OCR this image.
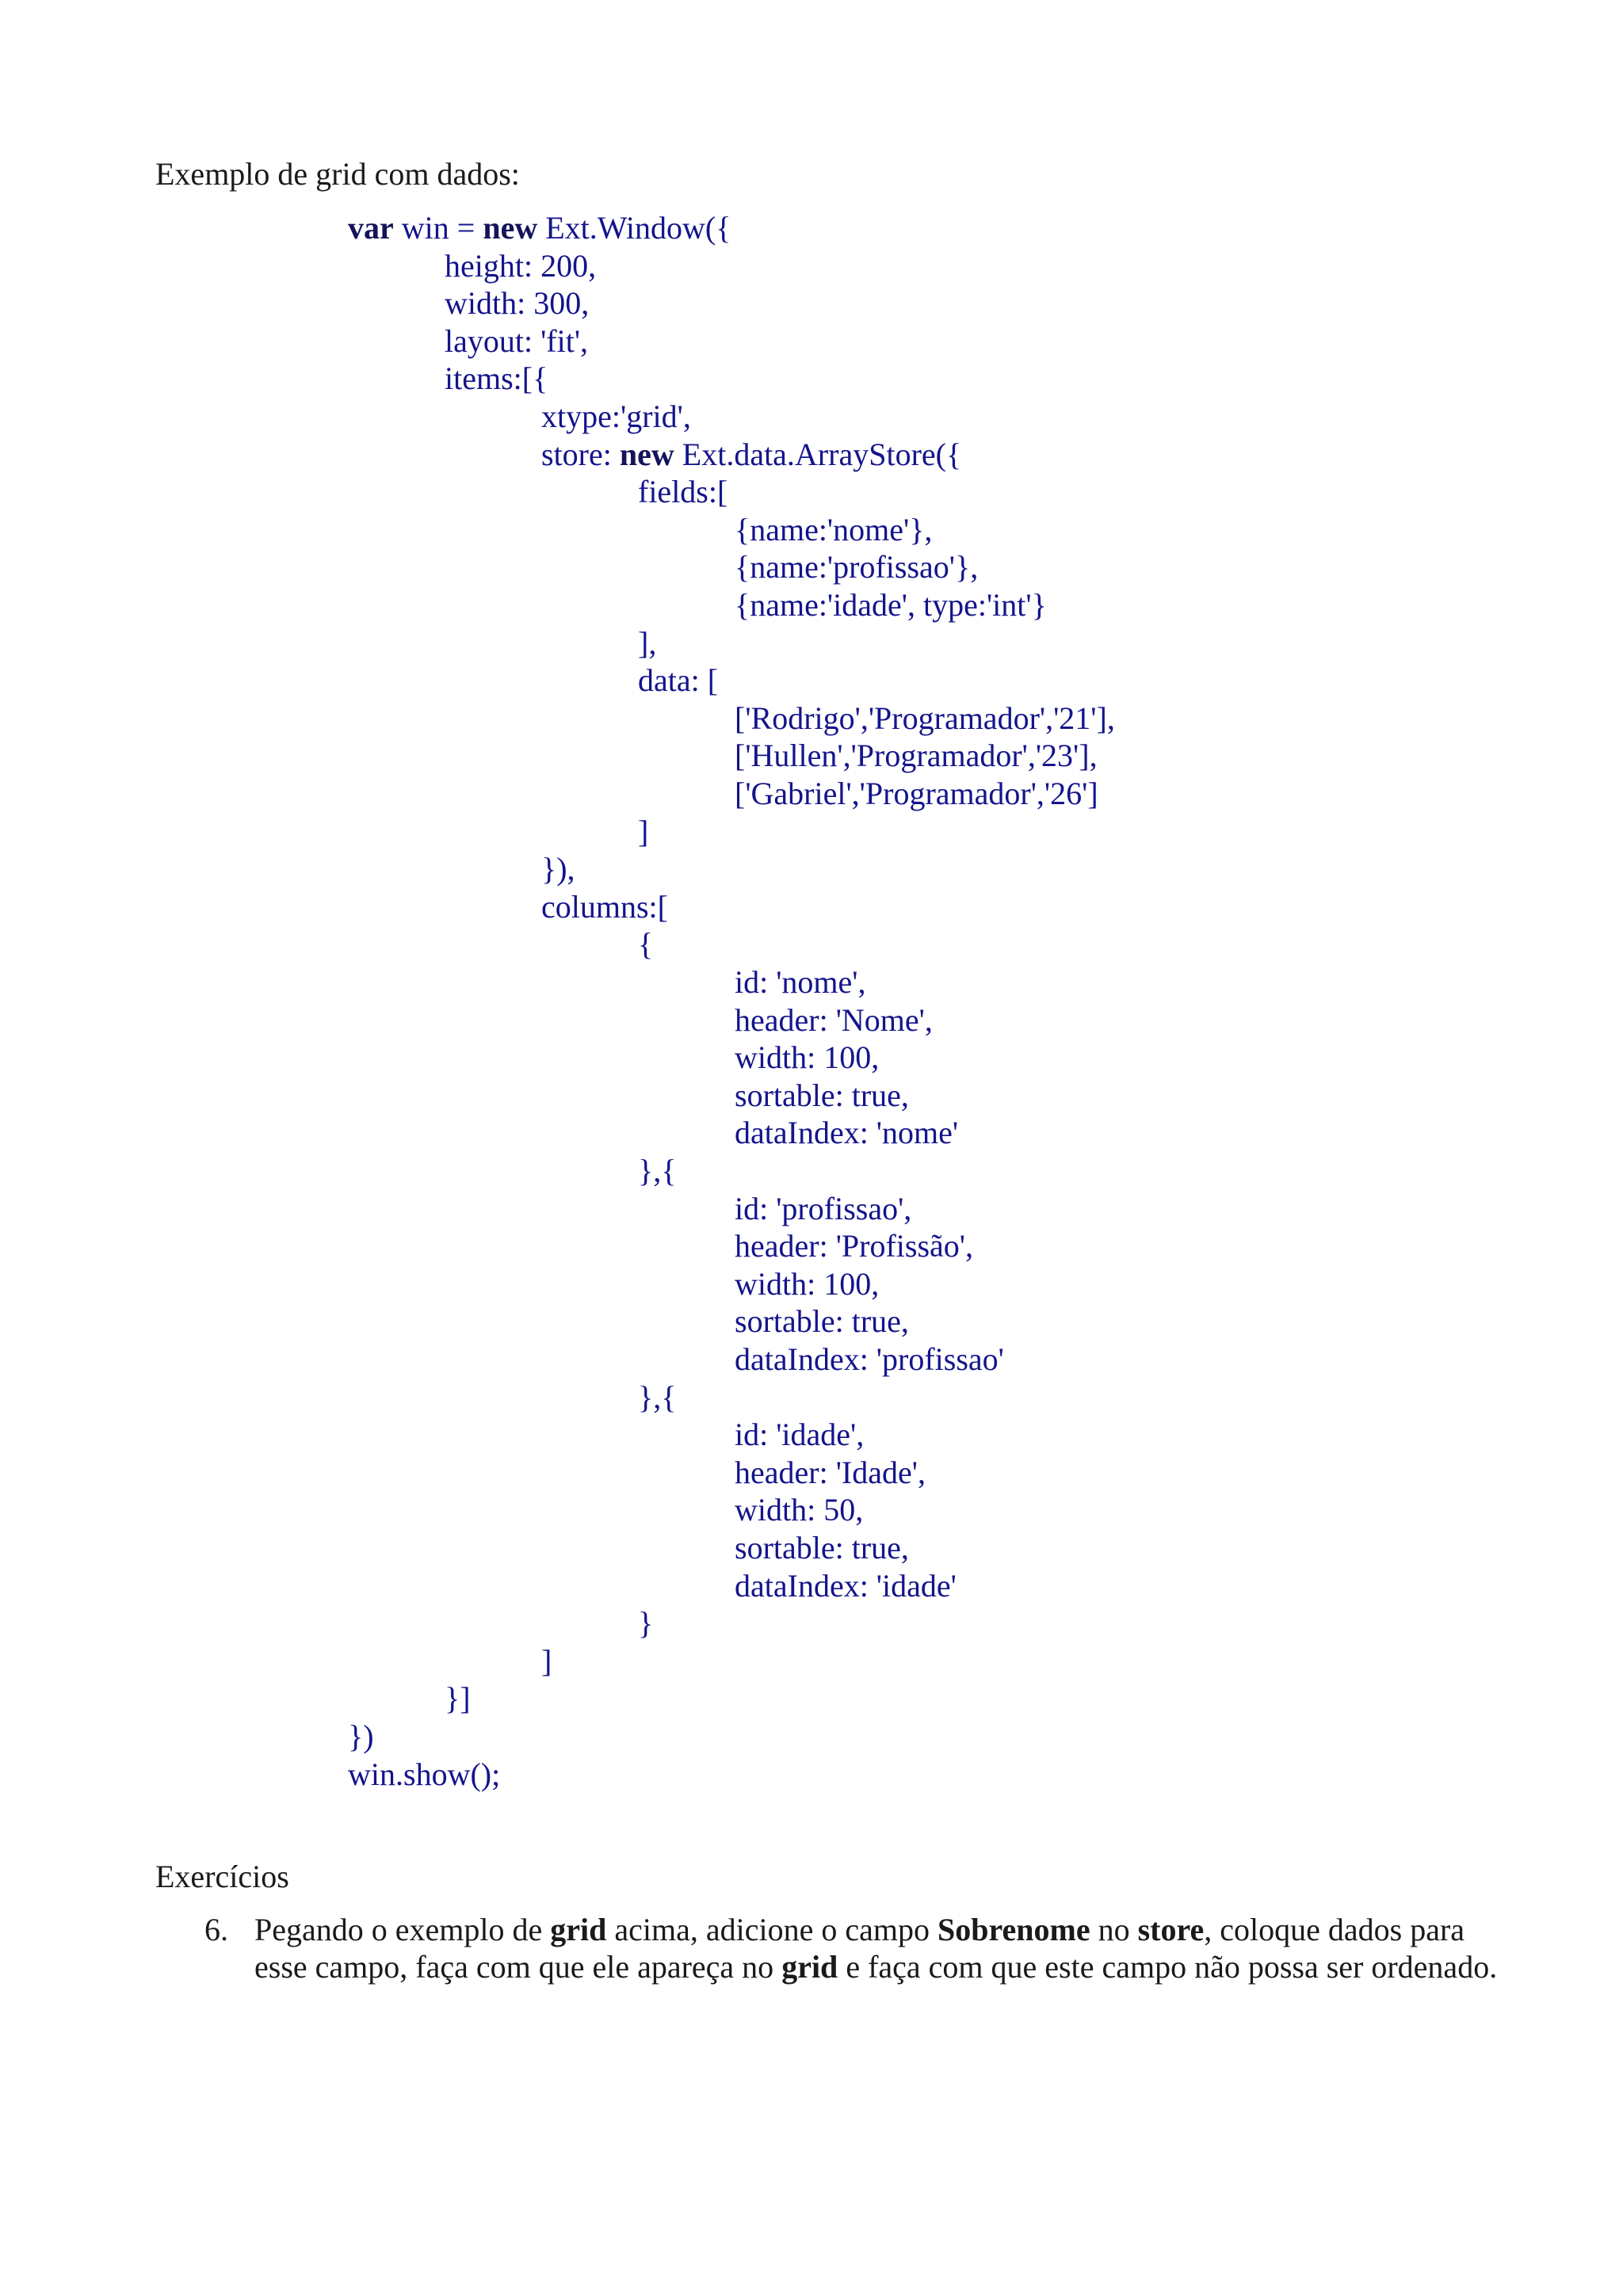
Exemplo de grid com dados:
var win = new Ext.Window({
height: 200,
width: 300,
layout: 'fit',
items:[{
xtype:'grid',
store: new Ext.data.ArrayStore({
fields:[
{name:'nome'},
{name:'profissao'},
{name:'idade', type:'int'}
],
data: [
['Rodrigo','Programador','21'],
['Hullen','Programador','23'],
['Gabriel','Programador','26']
]
}),
columns:[
{
id: 'nome',
header: 'Nome',
width: 100,
sortable: true,
dataIndex: 'nome'
},{
id: 'profissao',
header: 'Profissão',
width: 100,
sortable: true,
dataIndex: 'profissao'
},{
id: 'idade',
header: 'Idade',
width: 50,
sortable: true,
dataIndex: 'idade'
}
]
}]
})
win.show();
Exercícios
6. Pegando o exemplo de grid acima, adicione o campo Sobrenome no store, coloque dados para esse campo, faça com que ele apareça no grid e faça com que este campo não possa ser ordenado.
